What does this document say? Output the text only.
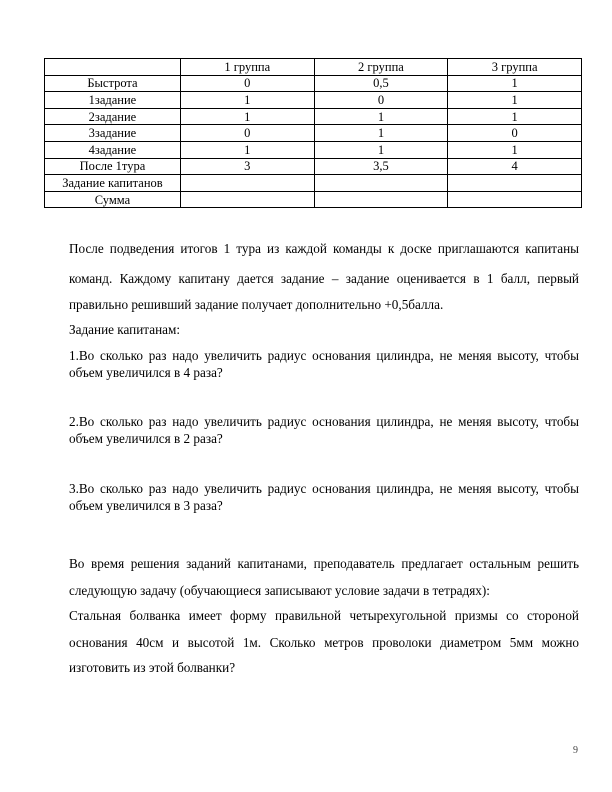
	1 группа	2 группа	3 группа
Быстрота	0	0,5	1
1задание	1	0	1
2задание	1	1	1
3задание	0	1	0
4задание	1	1	1
После 1тура	3	3,5	4
Задание капитанов			
Сумма			
После подведения итогов 1 тура из каждой команды к доске приглашаются капитаны
команд. Каждому капитану дается задание – задание оценивается в 1 балл, первый
правильно решивший задание получает дополнительно +0,5балла.
Задание капитанам:
1.Во сколько раз надо увеличить радиус основания цилиндра, не меняя высоту, чтобы
объем увеличился в 4 раза?
2.Во сколько раз надо увеличить радиус основания цилиндра, не меняя высоту, чтобы
объем увеличился в 2 раза?
3.Во сколько раз надо увеличить радиус основания цилиндра, не меняя высоту, чтобы
объем увеличился в 3 раза?
Во время решения заданий капитанами, преподаватель предлагает остальным решить
следующую задачу (обучающиеся записывают условие задачи в тетрадях):
Стальная болванка имеет форму правильной четырехугольной призмы со стороной
основания 40см и высотой 1м. Сколько метров проволоки диаметром 5мм можно
изготовить из этой болванки?
9
